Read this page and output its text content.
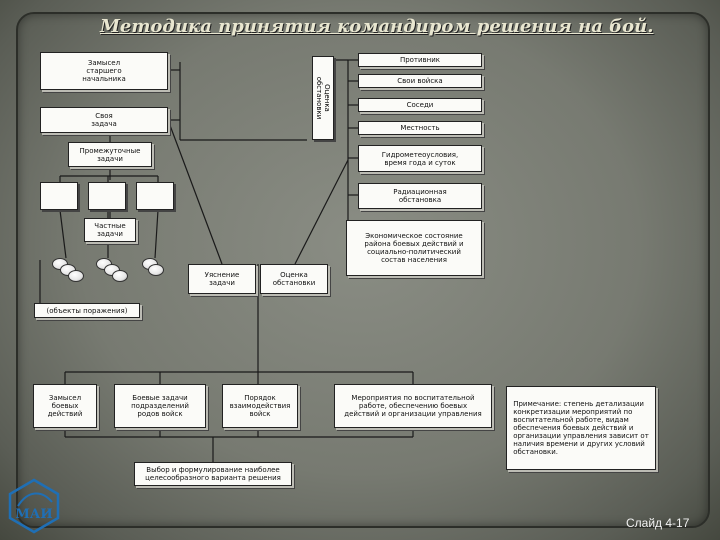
Методика принятия командиром решения на бой.
Замысел
старшего
начальника
Своя
задача
Промежуточные
задачи
Частные
задачи
(объекты поражения)
Уяснение
задачи
Оценка
обстановки
Оценка
обстановки
Противник
Свои войска
Соседи
Местность
Гидрометеоусловия,
время года и суток
Радиационная
обстановка
Экономическое состояние
района боевых действий и
социально-политический
состав населения
Замысел
боевых
действий
Боевые задачи
подразделений
родов войск
Порядок
взаимодействия
войск
Мероприятия по воспитательной
работе, обеспечению боевых
действий и организации управления
Выбор и формулирование наиболее
целесообразного варианта решения
Примечание: степень детализации
конкретизации мероприятий по
воспитательной работе, видам
обеспечения боевых действий и
организации управления зависит от
наличия времени и других условий
обстановки.
МАИ
Слайд 4-17
